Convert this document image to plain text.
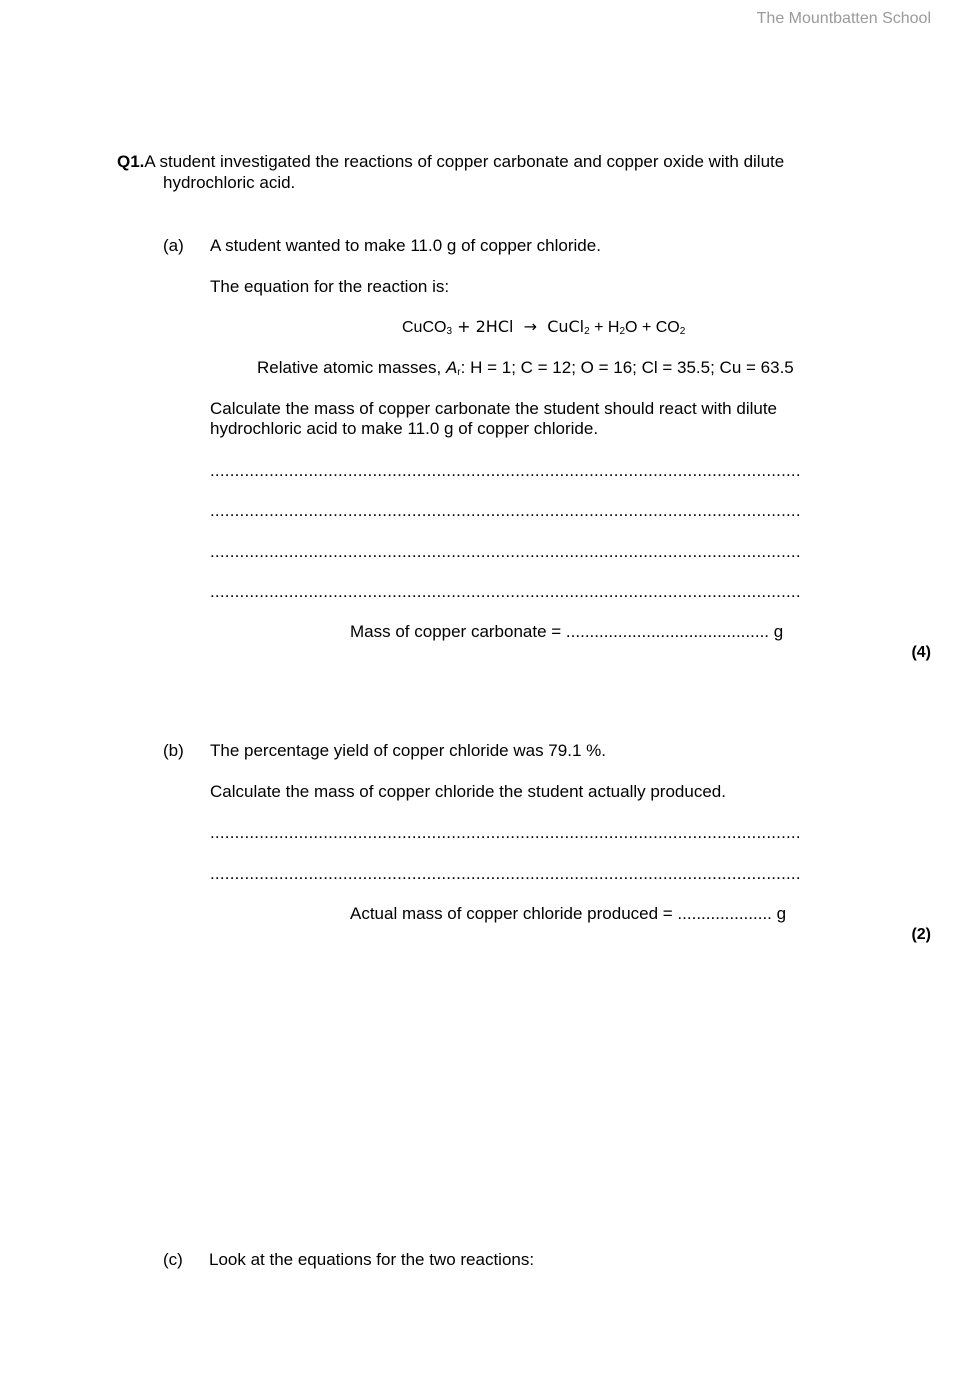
The Mountbatten School
Q1.A student investigated the reactions of copper carbonate and copper oxide with dilute
hydrochloric acid.
(a) A student wanted to make 11.0 g of copper chloride.
The equation for the reaction is:
CuCO$_3$ + 2HCl → CuCl$_2$ + $H_2O + CO_2$
Relative atomic masses, $A_r$: H = 1; C = 12; O = 16; Cl = 35.5; Cu = 63.5
Calculate the mass of copper carbonate the student should react with dilute
hydrochloric acid to make 11.0 g of copper chloride.
........................................................................................................................
........................................................................................................................
........................................................................................................................
........................................................................................................................
Mass of copper carbonate = ........................................... g
(4)
(b) The percentage yield of copper chloride was 79.1 %.
Calculate the mass of copper chloride the student actually produced.
........................................................................................................................
........................................................................................................................
Actual mass of copper chloride produced = .................... g
(2)
(c) Look at the equations for the two reactions:
